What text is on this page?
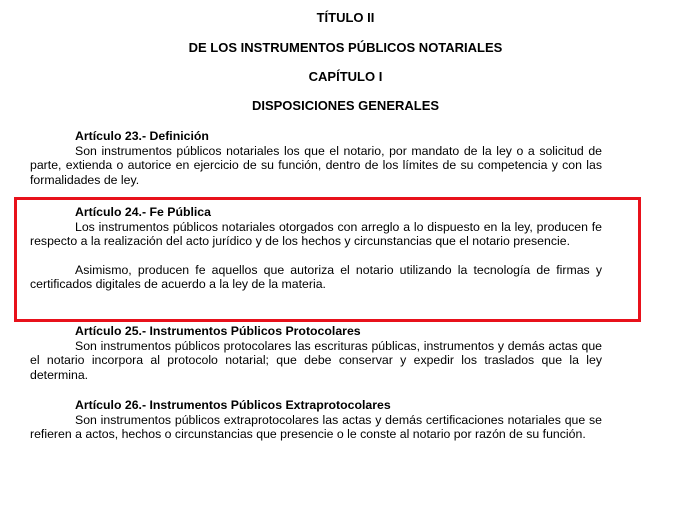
TÍTULO II
DE LOS INSTRUMENTOS PÚBLICOS NOTARIALES
CAPÍTULO I
DISPOSICIONES GENERALES

Artículo 23.- Definición

Son instrumentos públicos notariales los que el notario, por mandato de la ley o a solicitud de parte, extienda o autorice en ejercicio de su función, dentro de los límites de su competencia y con las formalidades de ley.

Artículo 24.- Fe Pública

Los instrumentos públicos notariales otorgados con arreglo a lo dispuesto en la ley, producen fe respecto a la realización del acto jurídico y de los hechos y circunstancias que el notario presencie.

Asimismo, producen fe aquellos que autoriza el notario utilizando la tecnología de firmas y certificados digitales de acuerdo a la ley de la materia.

Artículo 25.- Instrumentos Públicos Protocolares

Son instrumentos públicos protocolares las escrituras públicas, instrumentos y demás actas que el notario incorpora al protocolo notarial; que debe conservar y expedir los traslados que la ley determina.

Artículo 26.- Instrumentos Públicos Extraprotocolares

Son instrumentos públicos extraprotocolares las actas y demás certificaciones notariales que se refieren a actos, hechos o circunstancias que presencie o le conste al notario por razón de su función.
